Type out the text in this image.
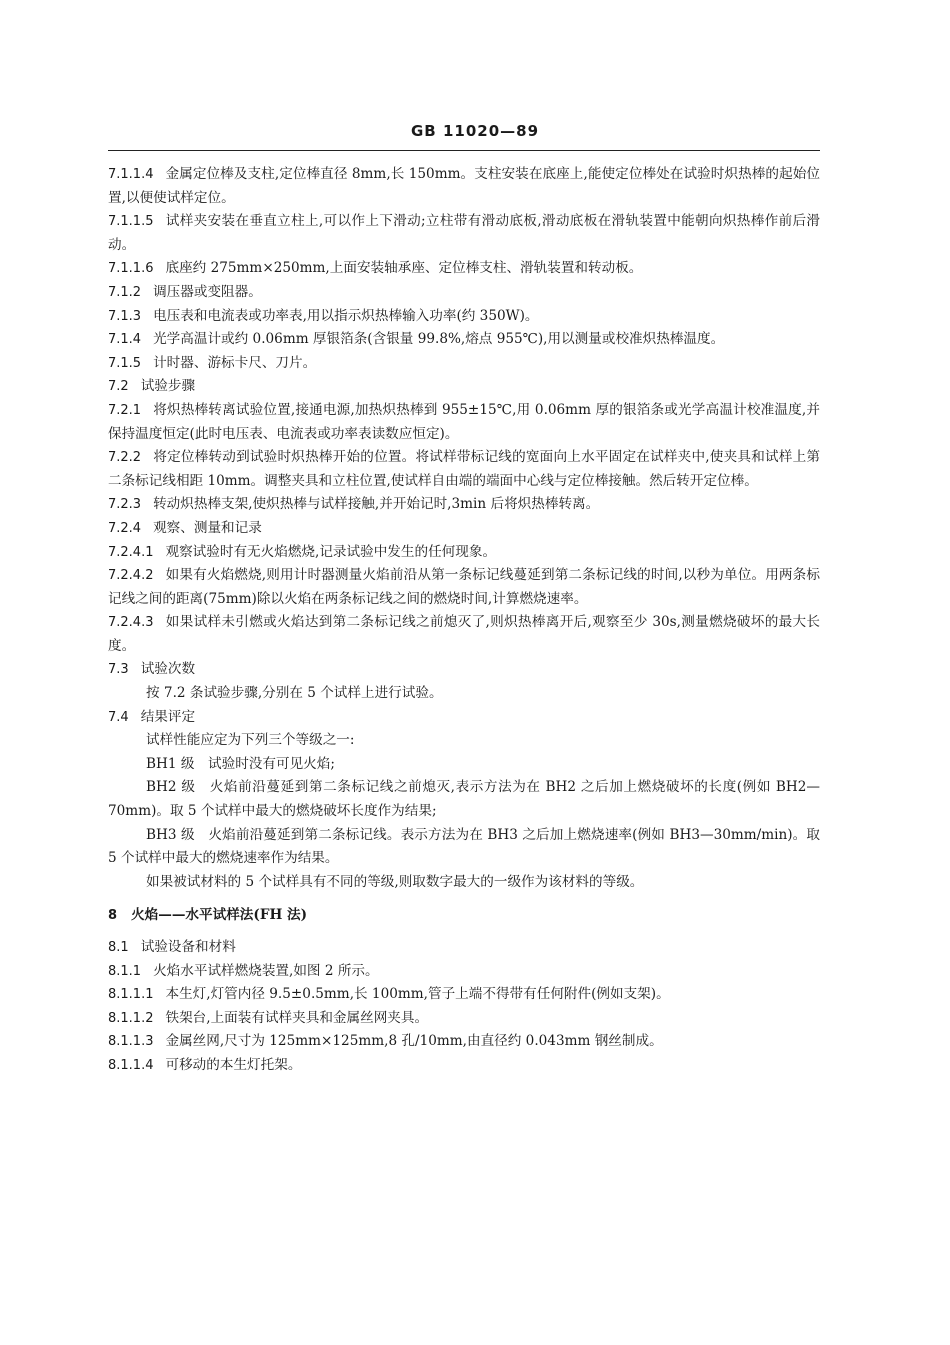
GB 11020—89

7.1.1.4 金属定位棒及支柱,定位棒直径 8mm,长 150mm。支柱安装在底座上,能使定位棒处在试验时炽热棒的起始位置,以便使试样定位。

7.1.1.5 试样夹安装在垂直立柱上,可以作上下滑动;立柱带有滑动底板,滑动底板在滑轨装置中能朝向炽热棒作前后滑动。

7.1.1.6 底座约 275mm×250mm,上面安装轴承座、定位棒支柱、滑轨装置和转动板。

7.1.2 调压器或变阻器。

7.1.3 电压表和电流表或功率表,用以指示炽热棒输入功率(约 350W)。

7.1.4 光学高温计或约 0.06mm 厚银箔条(含银量 99.8%,熔点 955℃),用以测量或校准炽热棒温度。

7.1.5 计时器、游标卡尺、刀片。

7.2 试验步骤

7.2.1 将炽热棒转离试验位置,接通电源,加热炽热棒到 955±15℃,用 0.06mm 厚的银箔条或光学高温计校准温度,并保持温度恒定(此时电压表、电流表或功率表读数应恒定)。

7.2.2 将定位棒转动到试验时炽热棒开始的位置。将试样带标记线的宽面向上水平固定在试样夹中,使夹具和试样上第二条标记线相距 10mm。调整夹具和立柱位置,使试样自由端的端面中心线与定位棒接触。然后转开定位棒。

7.2.3 转动炽热棒支架,使炽热棒与试样接触,并开始记时,3min 后将炽热棒转离。

7.2.4 观察、测量和记录

7.2.4.1 观察试验时有无火焰燃烧,记录试验中发生的任何现象。

7.2.4.2 如果有火焰燃烧,则用计时器测量火焰前沿从第一条标记线蔓延到第二条标记线的时间,以秒为单位。用两条标记线之间的距离(75mm)除以火焰在两条标记线之间的燃烧时间,计算燃烧速率。

7.2.4.3 如果试样未引燃或火焰达到第二条标记线之前熄灭了,则炽热棒离开后,观察至少 30s,测量燃烧破坏的最大长度。

7.3 试验次数

按 7.2 条试验步骤,分别在 5 个试样上进行试验。

7.4 结果评定

试样性能应定为下列三个等级之一:

BH1 级　试验时没有可见火焰;

BH2 级　火焰前沿蔓延到第二条标记线之前熄灭,表示方法为在 BH2 之后加上燃烧破坏的长度(例如 BH2—70mm)。取 5 个试样中最大的燃烧破坏长度作为结果;

BH3 级　火焰前沿蔓延到第二条标记线。表示方法为在 BH3 之后加上燃烧速率(例如 BH3—30mm/min)。取 5 个试样中最大的燃烧速率作为结果。

如果被试材料的 5 个试样具有不同的等级,则取数字最大的一级作为该材料的等级。

8 火焰——水平试样法(FH 法)

8.1 试验设备和材料

8.1.1 火焰水平试样燃烧装置,如图 2 所示。

8.1.1.1 本生灯,灯管内径 9.5±0.5mm,长 100mm,管子上端不得带有任何附件(例如支架)。

8.1.1.2 铁架台,上面装有试样夹具和金属丝网夹具。

8.1.1.3 金属丝网,尺寸为 125mm×125mm,8 孔/10mm,由直径约 0.043mm 钢丝制成。

8.1.1.4 可移动的本生灯托架。
